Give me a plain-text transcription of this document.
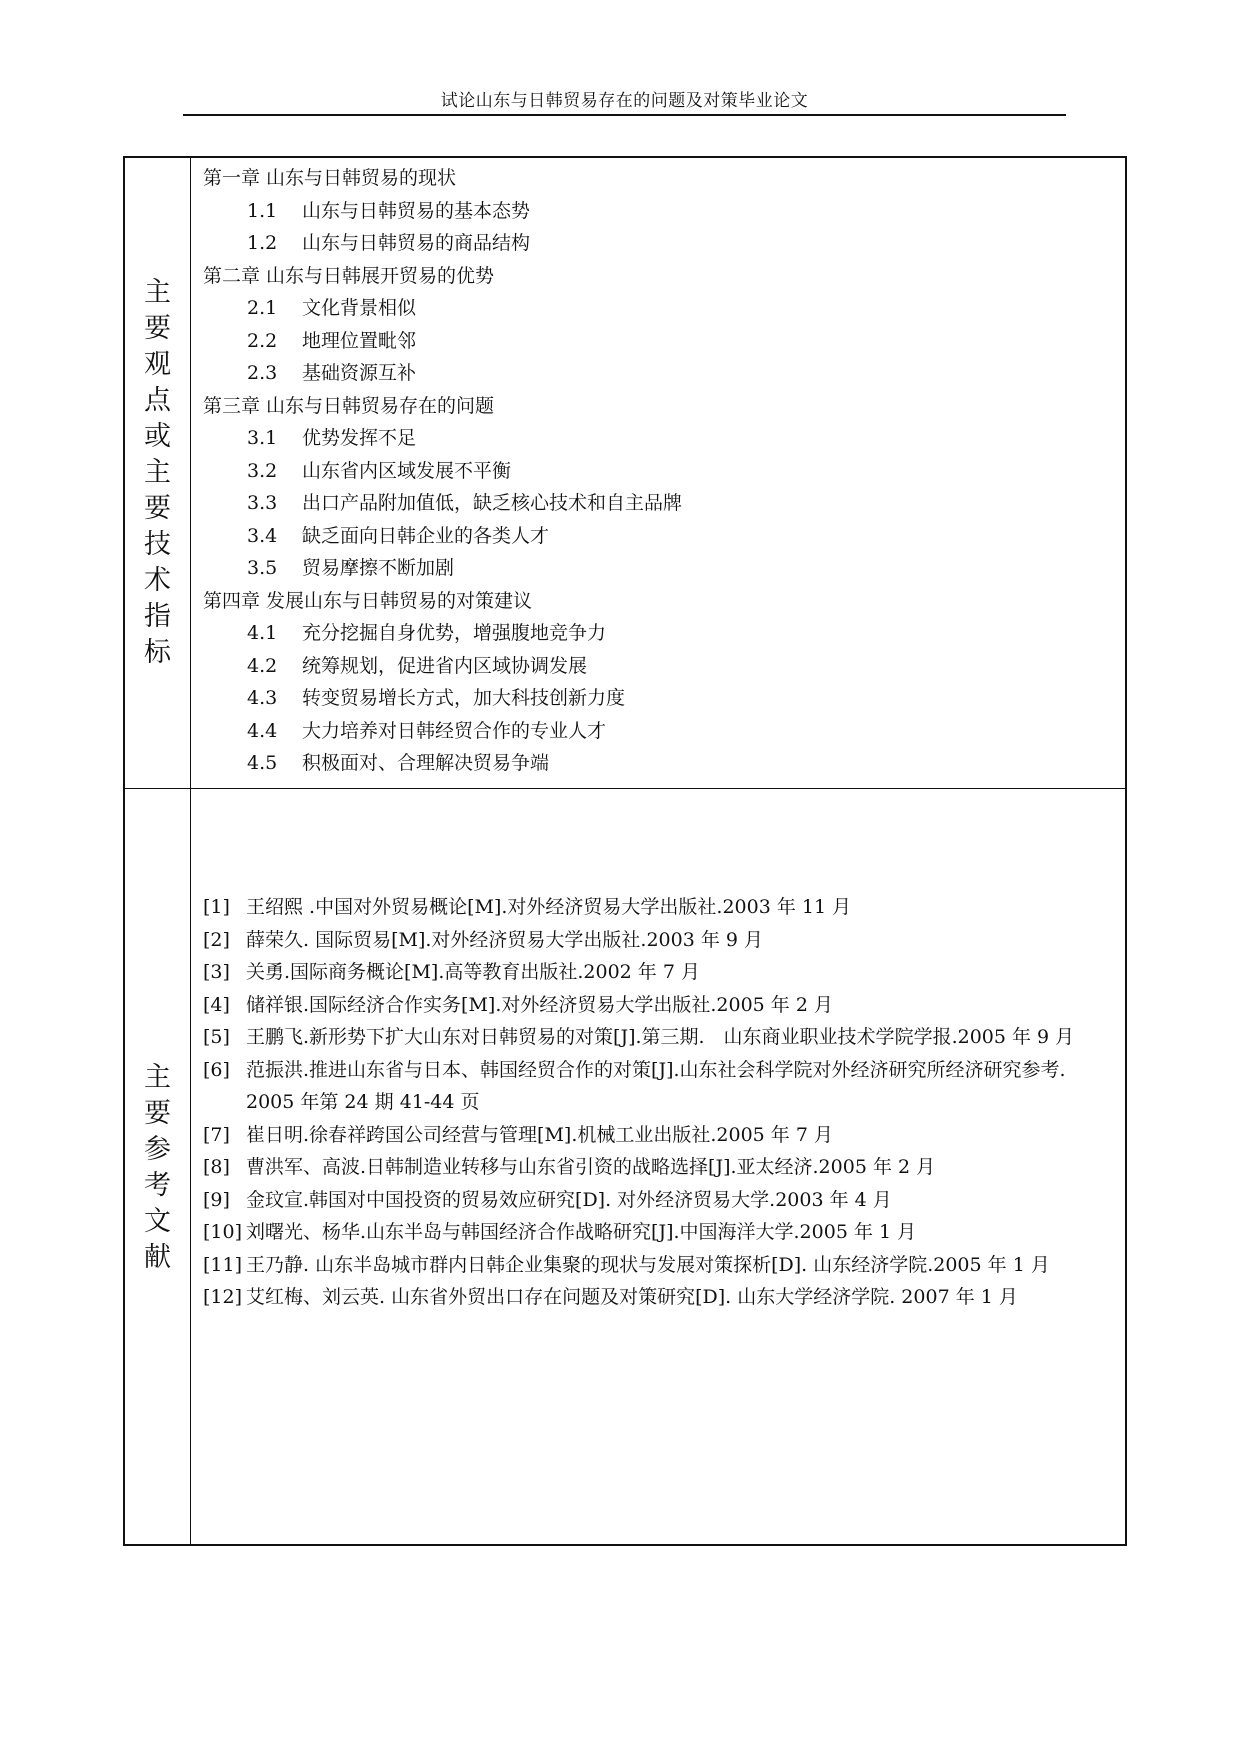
试论山东与日韩贸易存在的问题及对策毕业论文
主
要
观
点
或
主
要
技
术
指
标
主
要
参
考
文
献
第一章 山东与日韩贸易的现状
1.1 山东与日韩贸易的基本态势
1.2 山东与日韩贸易的商品结构
第二章 山东与日韩展开贸易的优势
2.1 文化背景相似
2.2 地理位置毗邻
2.3 基础资源互补
第三章 山东与日韩贸易存在的问题
3.1 优势发挥不足
3.2 山东省内区域发展不平衡
3.3 出口产品附加值低，缺乏核心技术和自主品牌
3.4 缺乏面向日韩企业的各类人才
3.5 贸易摩擦不断加剧
第四章 发展山东与日韩贸易的对策建议
4.1 充分挖掘自身优势，增强腹地竞争力
4.2 统筹规划，促进省内区域协调发展
4.3 转变贸易增长方式，加大科技创新力度
4.4 大力培养对日韩经贸合作的专业人才
4.5 积极面对、合理解决贸易争端
[1] 王绍熙 .中国对外贸易概论[M].对外经济贸易大学出版社.2003 年 11 月
[2] 薛荣久. 国际贸易[M].对外经济贸易大学出版社.2003 年 9 月
[3] 关勇.国际商务概论[M].高等教育出版社.2002 年 7 月
[4] 储祥银.国际经济合作实务[M].对外经济贸易大学出版社.2005 年 2 月
[5] 王鹏飞.新形势下扩大山东对日韩贸易的对策[J].第三期.　山东商业职业技术学院学报.2005 年 9 月
[6] 范振洪.推进山东省与日本、韩国经贸合作的对策[J].山东社会科学院对外经济研究所经济研究参考. 2005 年第 24 期 41-44 页
[7] 崔日明.徐春祥跨国公司经营与管理[M].机械工业出版社.2005 年 7 月
[8] 曹洪军、高波.日韩制造业转移与山东省引资的战略选择[J].亚太经济.2005 年 2 月
[9] 金玟宣.韩国对中国投资的贸易效应研究[D]. 对外经济贸易大学.2003 年 4 月
[10] 刘曙光、杨华.山东半岛与韩国经济合作战略研究[J].中国海洋大学.2005 年 1 月
[11] 王乃静. 山东半岛城市群内日韩企业集聚的现状与发展对策探析[D]. 山东经济学院.2005 年 1 月
[12] 艾红梅、刘云英. 山东省外贸出口存在问题及对策研究[D]. 山东大学经济学院. 2007 年 1 月
